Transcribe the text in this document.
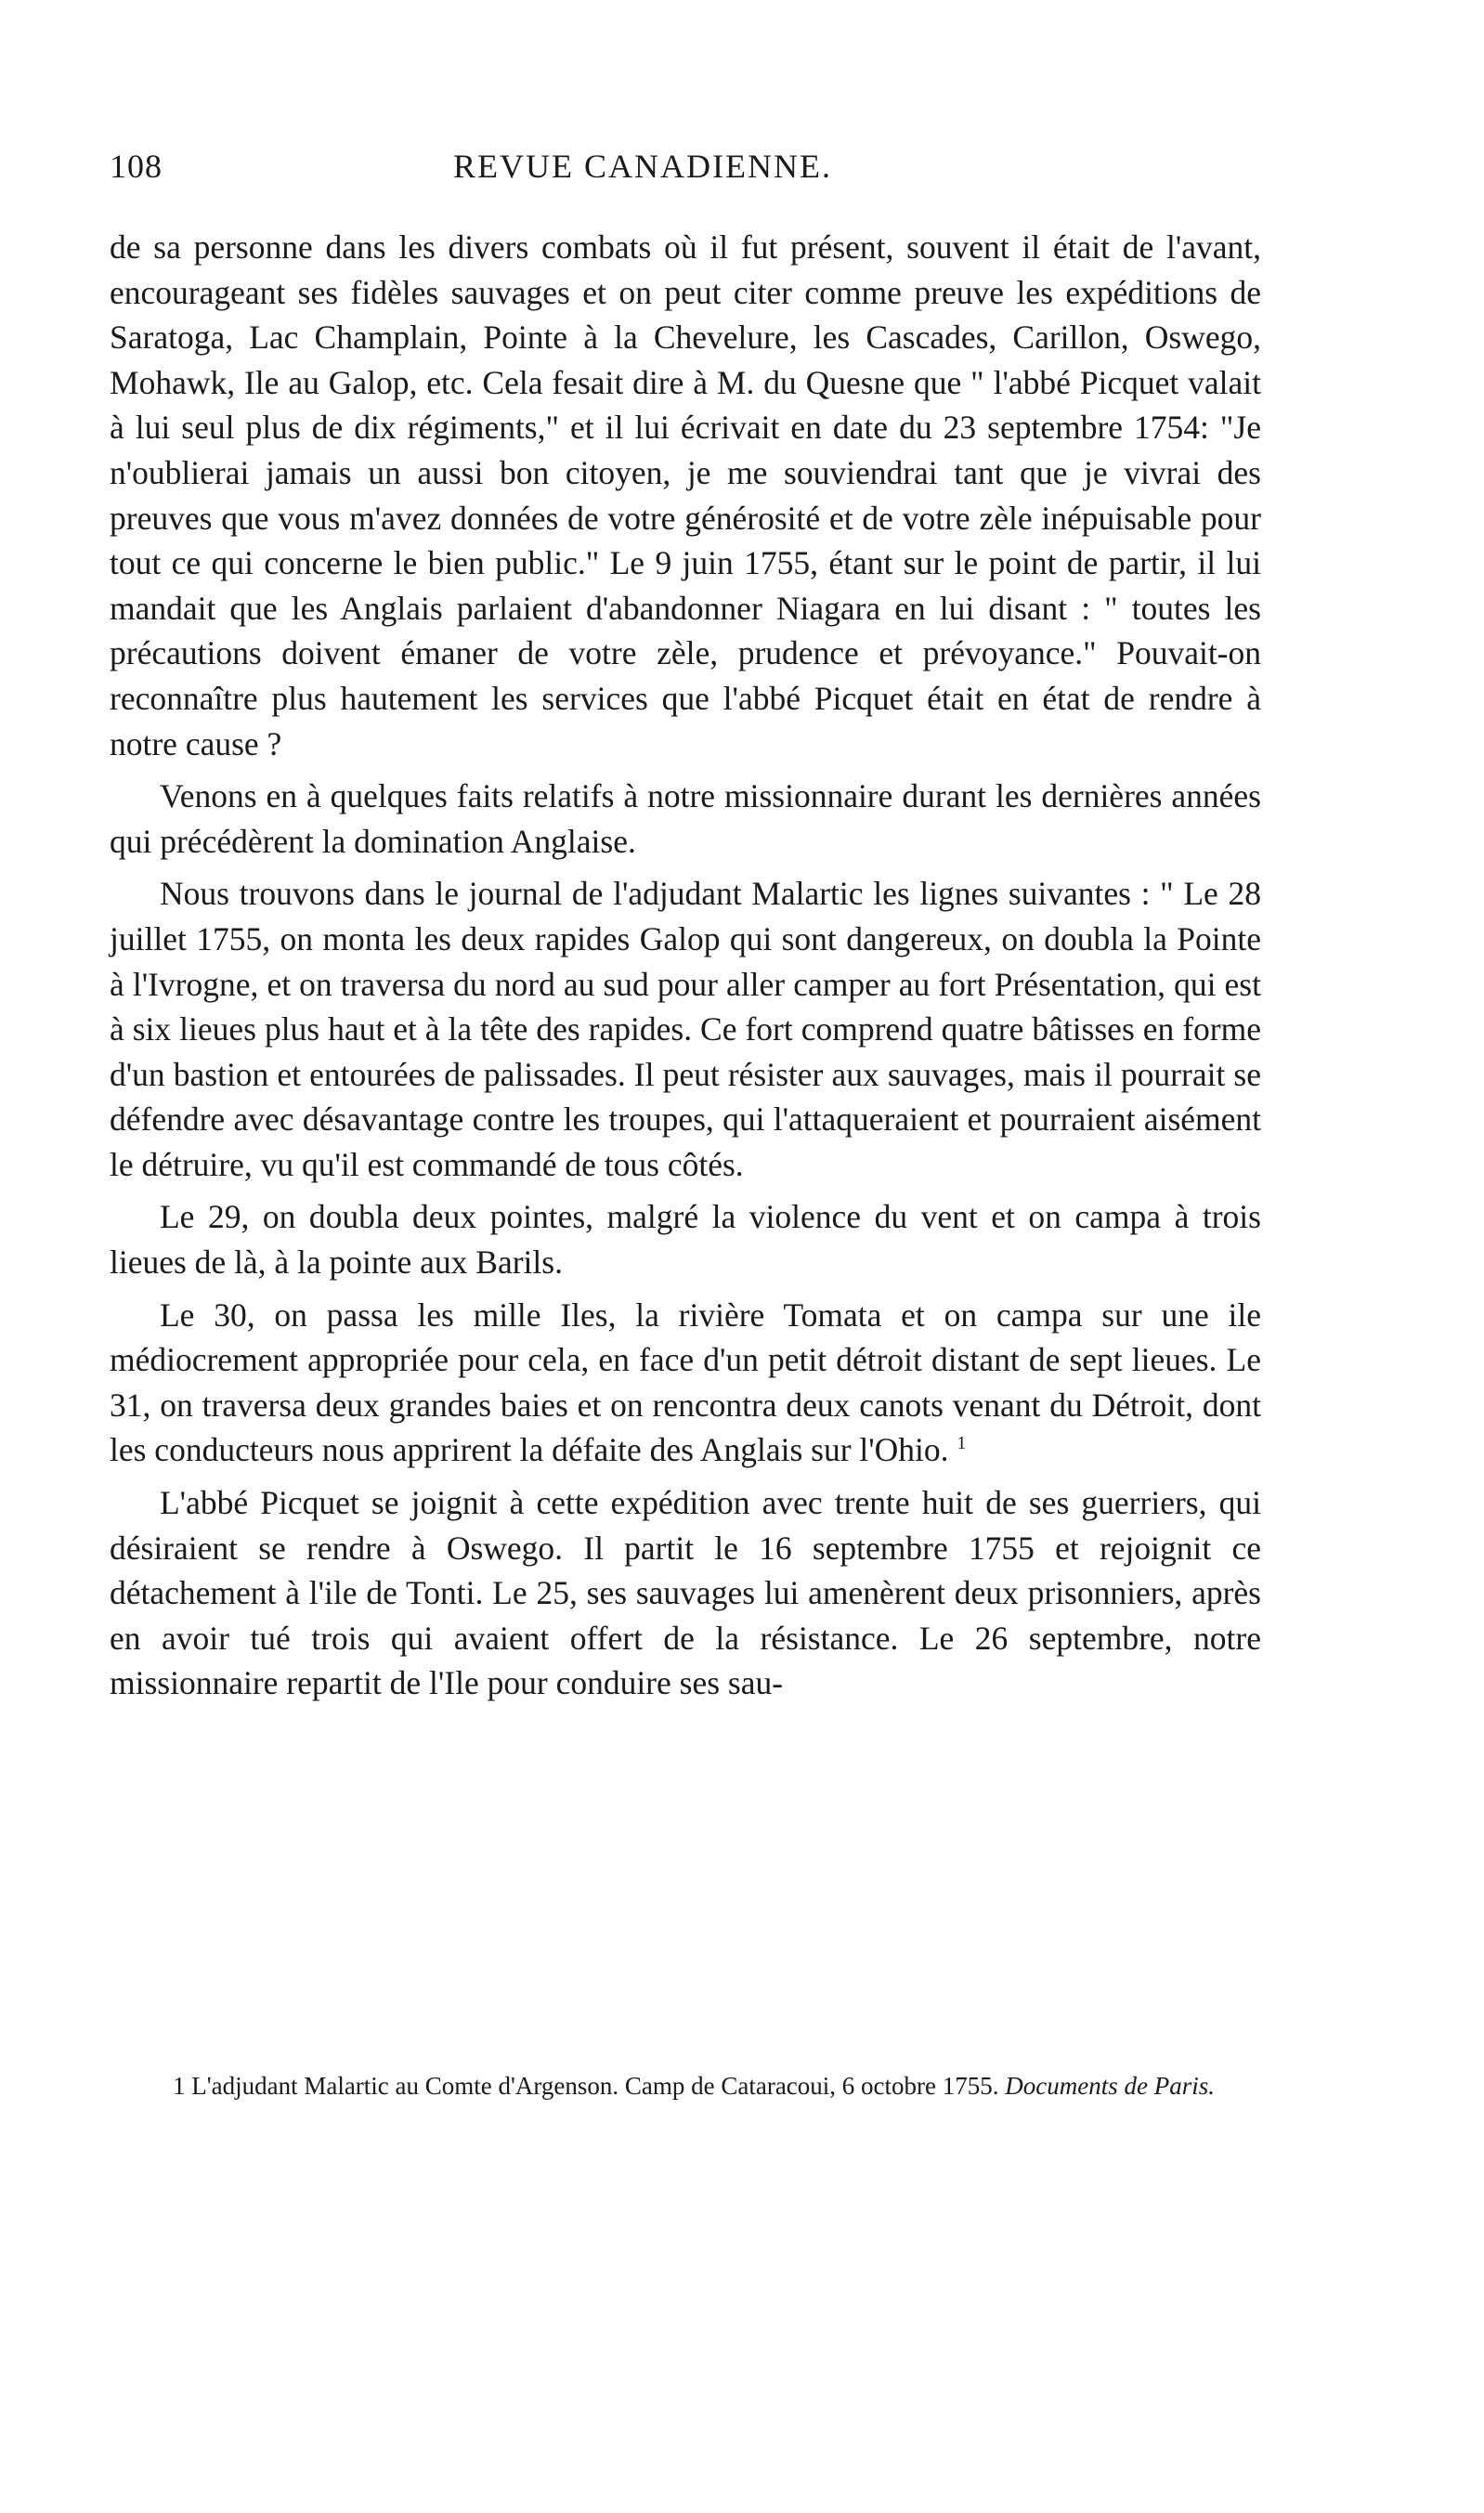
108	REVUE CANADIENNE.

de sa personne dans les divers combats où il fut présent, souvent il était de l'avant, encourageant ses fidèles sauvages et on peut citer comme preuve les expéditions de Saratoga, Lac Champlain, Pointe à la Chevelure, les Cascades, Carillon, Oswego, Mohawk, Ile au Galop, etc. Cela fesait dire à M. du Quesne que " l'abbé Picquet valait à lui seul plus de dix régiments," et il lui écrivait en date du 23 septembre 1754: "Je n'oublierai jamais un aussi bon citoyen, je me souviendrai tant que je vivrai des preuves que vous m'avez données de votre générosité et de votre zèle inépuisable pour tout ce qui concerne le bien public." Le 9 juin 1755, étant sur le point de partir, il lui mandait que les Anglais parlaient d'abandonner Niagara en lui disant : " toutes les précautions doivent émaner de votre zèle, prudence et prévoyance." Pouvait-on reconnaître plus hautement les services que l'abbé Picquet était en état de rendre à notre cause ?

Venons en à quelques faits relatifs à notre missionnaire durant les dernières années qui précédèrent la domination Anglaise.

Nous trouvons dans le journal de l'adjudant Malartic les lignes suivantes : " Le 28 juillet 1755, on monta les deux rapides Galop qui sont dangereux, on doubla la Pointe à l'Ivrogne, et on traversa du nord au sud pour aller camper au fort Présentation, qui est à six lieues plus haut et à la tête des rapides. Ce fort comprend quatre bâtisses en forme d'un bastion et entourées de palissades. Il peut résister aux sauvages, mais il pourrait se défendre avec désavantage contre les troupes, qui l'attaqueraient et pourraient aisément le détruire, vu qu'il est commandé de tous côtés.

Le 29, on doubla deux pointes, malgré la violence du vent et on campa à trois lieues de là, à la pointe aux Barils.

Le 30, on passa les mille Iles, la rivière Tomata et on campa sur une ile médiocrement appropriée pour cela, en face d'un petit détroit distant de sept lieues. Le 31, on traversa deux grandes baies et on rencontra deux canots venant du Détroit, dont les conducteurs nous apprirent la défaite des Anglais sur l'Ohio. $^1$

L'abbé Picquet se joignit à cette expédition avec trente huit de ses guerriers, qui désiraient se rendre à Oswego. Il partit le 16 septembre 1755 et rejoignit ce détachement à l'ile de Tonti. Le 25, ses sauvages lui amenèrent deux prisonniers, après en avoir tué trois qui avaient offert de la résistance. Le 26 septembre, notre missionnaire repartit de l'Ile pour conduire ses sau-

1 L'adjudant Malartic au Comte d'Argenson. Camp de Cataracoui, 6 octobre 1755. Documents de Paris.
